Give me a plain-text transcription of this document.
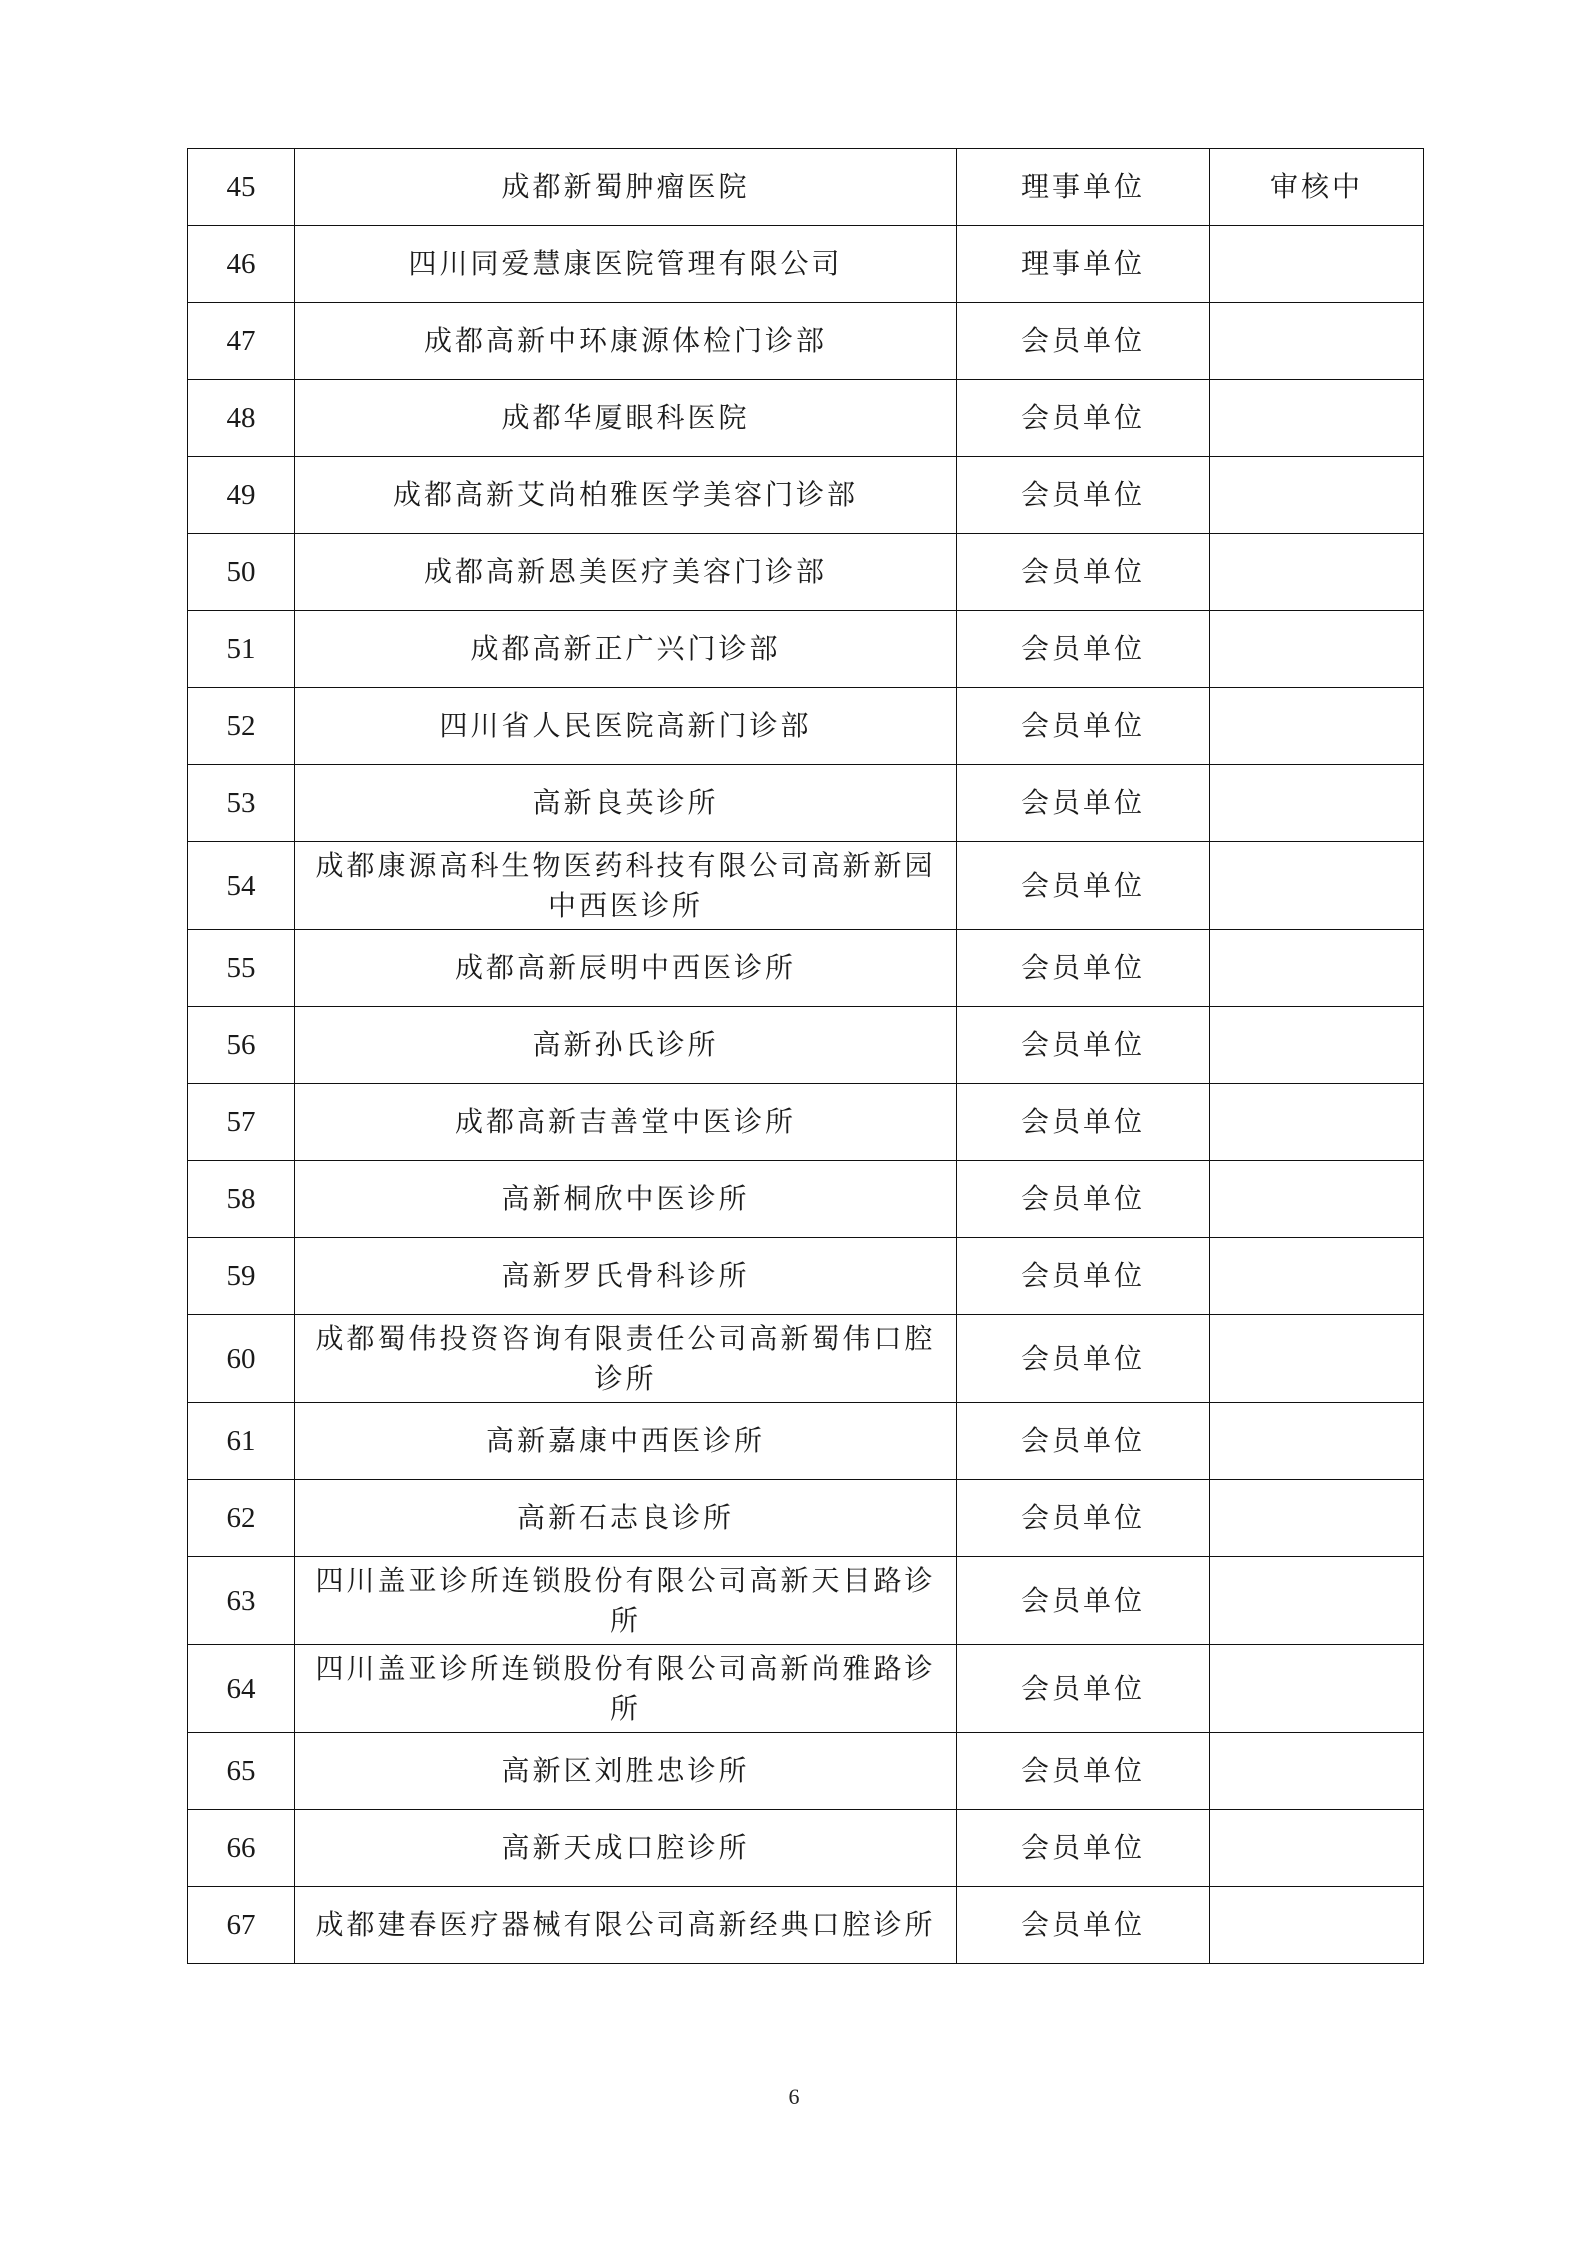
45	成都新蜀肿瘤医院	理事单位	审核中
46	四川同爱慧康医院管理有限公司	理事单位	
47	成都高新中环康源体检门诊部	会员单位	
48	成都华厦眼科医院	会员单位	
49	成都高新艾尚柏雅医学美容门诊部	会员单位	
50	成都高新恩美医疗美容门诊部	会员单位	
51	成都高新正广兴门诊部	会员单位	
52	四川省人民医院高新门诊部	会员单位	
53	高新良英诊所	会员单位	
54	成都康源高科生物医药科技有限公司高新新园中西医诊所	会员单位	
55	成都高新辰明中西医诊所	会员单位	
56	高新孙氏诊所	会员单位	
57	成都高新吉善堂中医诊所	会员单位	
58	高新桐欣中医诊所	会员单位	
59	高新罗氏骨科诊所	会员单位	
60	成都蜀伟投资咨询有限责任公司高新蜀伟口腔诊所	会员单位	
61	高新嘉康中西医诊所	会员单位	
62	高新石志良诊所	会员单位	
63	四川盖亚诊所连锁股份有限公司高新天目路诊所	会员单位	
64	四川盖亚诊所连锁股份有限公司高新尚雅路诊所	会员单位	
65	高新区刘胜忠诊所	会员单位	
66	高新天成口腔诊所	会员单位	
67	成都建春医疗器械有限公司高新经典口腔诊所	会员单位	
6
